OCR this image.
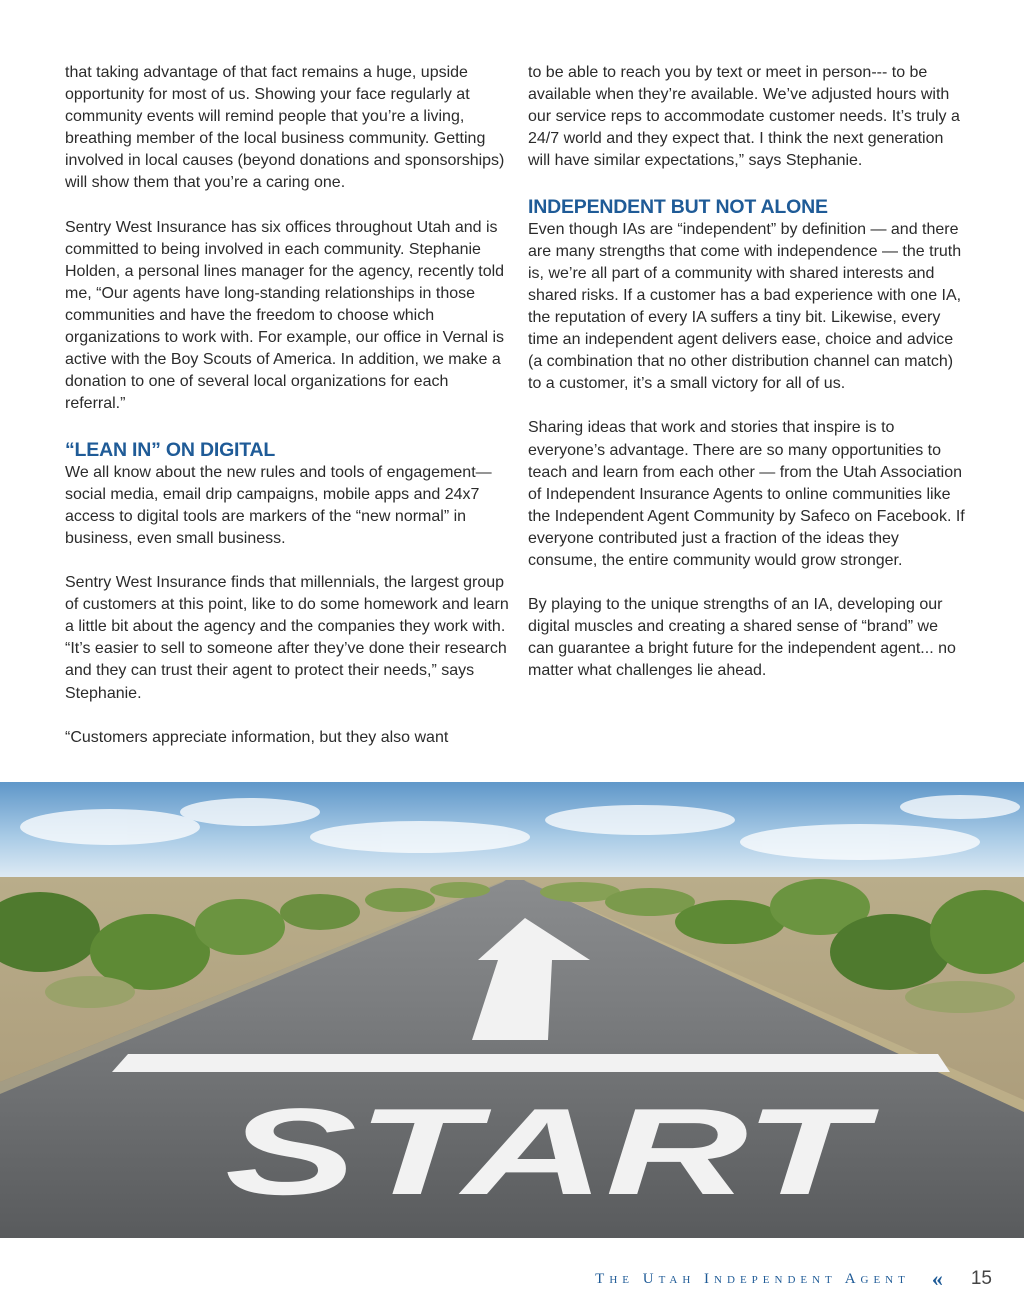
that taking advantage of that fact remains a huge, upside opportunity for most of us. Showing your face regularly at community events will remind people that you’re a living, breathing member of the local business community. Getting involved in local causes (beyond donations and sponsorships) will show them that you’re a caring one.

Sentry West Insurance has six offices throughout Utah and is committed to being involved in each community. Stephanie Holden, a personal lines manager for the agency, recently told me, “Our agents have long-standing relationships in those communities and have the freedom to choose which organizations to work with. For example, our office in Vernal is active with the Boy Scouts of America. In addition, we make a donation to one of several local organizations for each referral.”

“LEAN IN” ON DIGITAL

We all know about the new rules and tools of engagement— social media, email drip campaigns, mobile apps and 24x7 access to digital tools are markers of the “new normal” in business, even small business.

Sentry West Insurance finds that millennials, the largest group of customers at this point, like to do some homework and learn a little bit about the agency and the companies they work with. “It’s easier to sell to someone after they’ve done their research and they can trust their agent to protect their needs,” says Stephanie.

“Customers appreciate information, but they also want

to be able to reach you by text or meet in person--- to be available when they’re available. We’ve adjusted hours with our service reps to accommodate customer needs. It’s truly a 24/7 world and they expect that. I think the next generation will have similar expectations,” says Stephanie.

INDEPENDENT BUT NOT ALONE

Even though IAs are “independent” by definition — and there are many strengths that come with independence — the truth is, we’re all part of a community with shared interests and shared risks. If a customer has a bad experience with one IA, the reputation of every IA suffers a tiny bit. Likewise, every time an independent agent delivers ease, choice and advice (a combination that no other distribution channel can match) to a customer, it’s a small victory for all of us.

Sharing ideas that work and stories that inspire is to everyone’s advantage. There are so many opportunities to teach and learn from each other — from the Utah Association of Independent Insurance Agents to online communities like the Independent Agent Community by Safeco on Facebook. If everyone contributed just a fraction of the ideas they consume, the entire community would grow stronger.

By playing to the unique strengths of an IA, developing our digital muscles and creating a shared sense of “brand” we can guarantee a bright future for the independent agent... no matter what challenges lie ahead.

START
The Utah Independent Agent « 15
